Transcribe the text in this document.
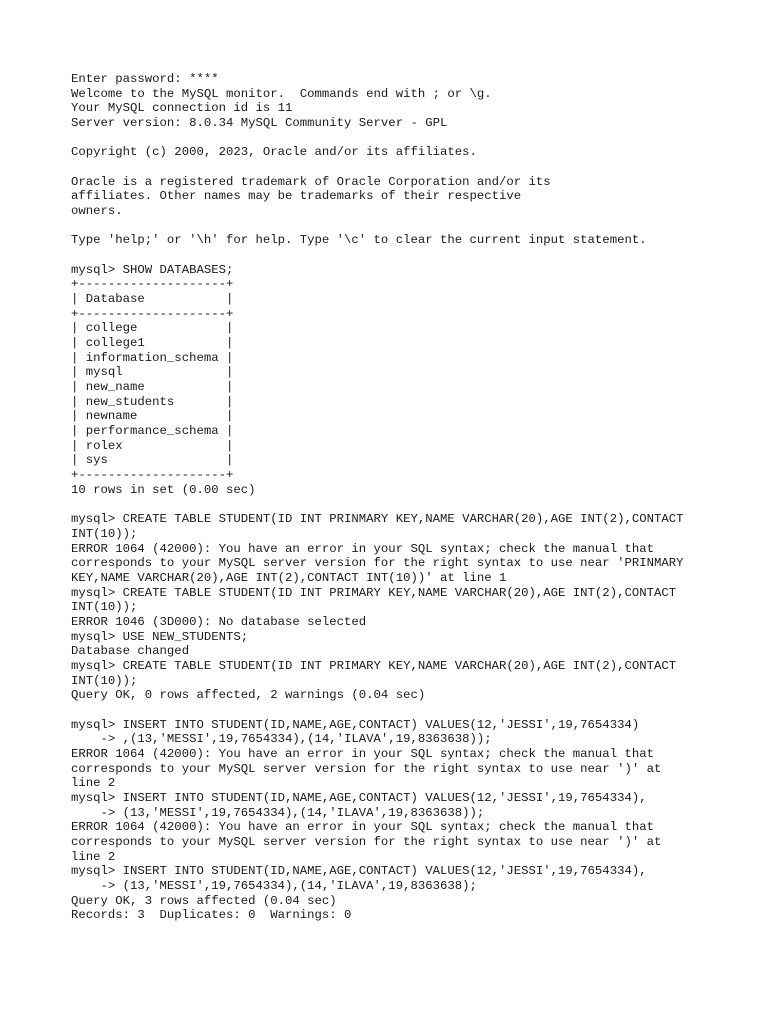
Enter password: ****
Welcome to the MySQL monitor.  Commands end with ; or \g.
Your MySQL connection id is 11
Server version: 8.0.34 MySQL Community Server - GPL
Copyright (c) 2000, 2023, Oracle and/or its affiliates.
Oracle is a registered trademark of Oracle Corporation and/or its
affiliates. Other names may be trademarks of their respective
owners.
Type 'help;' or '\h' for help. Type '\c' to clear the current input statement.
mysql> SHOW DATABASES;
+--------------------+
| Database           |
+--------------------+
| college            |
| college1           |
| information_schema |
| mysql              |
| new_name           |
| new_students       |
| newname            |
| performance_schema |
| rolex              |
| sys                |
+--------------------+
10 rows in set (0.00 sec)
mysql> CREATE TABLE STUDENT(ID INT PRINMARY KEY,NAME VARCHAR(20),AGE INT(2),CONTACT
INT(10));
ERROR 1064 (42000): You have an error in your SQL syntax; check the manual that
corresponds to your MySQL server version for the right syntax to use near 'PRINMARY
KEY,NAME VARCHAR(20),AGE INT(2),CONTACT INT(10))' at line 1
mysql> CREATE TABLE STUDENT(ID INT PRIMARY KEY,NAME VARCHAR(20),AGE INT(2),CONTACT
INT(10));
ERROR 1046 (3D000): No database selected
mysql> USE NEW_STUDENTS;
Database changed
mysql> CREATE TABLE STUDENT(ID INT PRIMARY KEY,NAME VARCHAR(20),AGE INT(2),CONTACT
INT(10));
Query OK, 0 rows affected, 2 warnings (0.04 sec)
mysql> INSERT INTO STUDENT(ID,NAME,AGE,CONTACT) VALUES(12,'JESSI',19,7654334)
-> ,(13,'MESSI',19,7654334),(14,'ILAVA',19,8363638));
ERROR 1064 (42000): You have an error in your SQL syntax; check the manual that
corresponds to your MySQL server version for the right syntax to use near ')' at
line 2
mysql> INSERT INTO STUDENT(ID,NAME,AGE,CONTACT) VALUES(12,'JESSI',19,7654334),
-> (13,'MESSI',19,7654334),(14,'ILAVA',19,8363638));
ERROR 1064 (42000): You have an error in your SQL syntax; check the manual that
corresponds to your MySQL server version for the right syntax to use near ')' at
line 2
mysql> INSERT INTO STUDENT(ID,NAME,AGE,CONTACT) VALUES(12,'JESSI',19,7654334),
-> (13,'MESSI',19,7654334),(14,'ILAVA',19,8363638);
Query OK, 3 rows affected (0.04 sec)
Records: 3  Duplicates: 0  Warnings: 0
